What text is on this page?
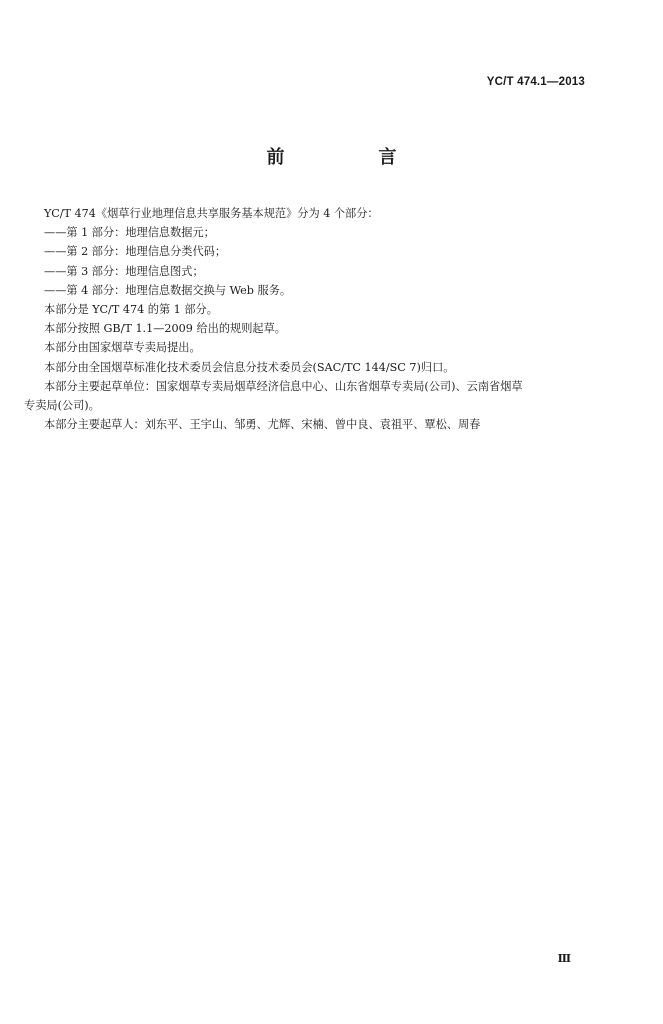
YC/T 474.1—2013
前　言
YC/T 474《烟草行业地理信息共享服务基本规范》分为 4 个部分：
——第 1 部分：地理信息数据元；
——第 2 部分：地理信息分类代码；
——第 3 部分：地理信息图式；
——第 4 部分：地理信息数据交换与 Web 服务。
本部分是 YC/T 474 的第 1 部分。
本部分按照 GB/T 1.1—2009 给出的规则起草。
本部分由国家烟草专卖局提出。
本部分由全国烟草标准化技术委员会信息分技术委员会(SAC/TC 144/SC 7)归口。
本部分主要起草单位：国家烟草专卖局烟草经济信息中心、山东省烟草专卖局(公司)、云南省烟草
专卖局(公司)。
本部分主要起草人：刘东平、王宇山、邹勇、尤辉、宋楠、曾中良、袁祖平、覃松、周春
Ⅲ
